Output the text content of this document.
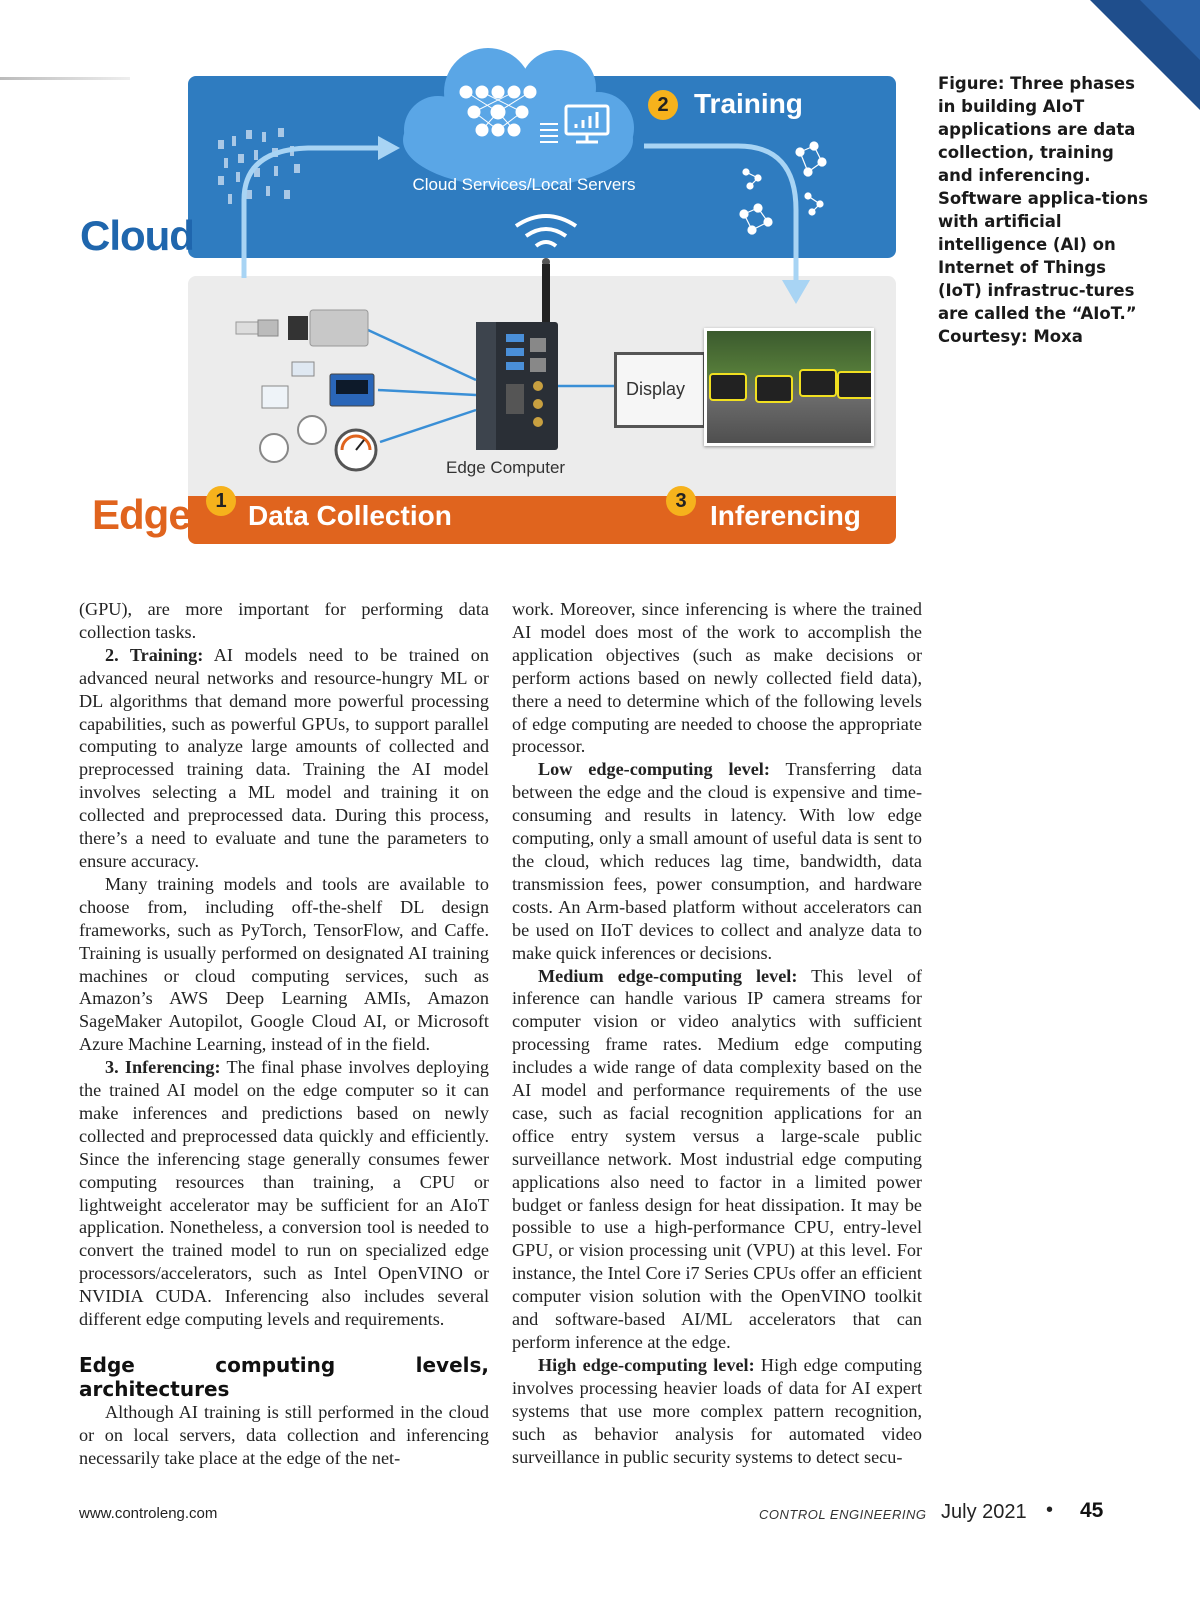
Cloud
Edge
Cloud Services/Local Servers
Edge Computer
Display
1 Data Collection
2 Training
3 Inferencing
Figure: Three phases in building AIoT applications are data collection, training and inferencing. Software applica-tions with artificial intelligence (AI) on Internet of Things (IoT) infrastruc-tures are called the “AIoT.” Courtesy: Moxa

(GPU), are more important for performing data collection tasks.

2. Training: AI models need to be trained on advanced neural networks and resource-hungry ML or DL algorithms that demand more powerful processing capabilities, such as powerful GPUs, to support parallel computing to analyze large amounts of collected and preprocessed training data. Training the AI model involves selecting a ML model and training it on collected and preprocessed data. During this process, there’s a need to evaluate and tune the parameters to ensure accuracy.

Many training models and tools are available to choose from, including off-the-shelf DL design frameworks, such as PyTorch, TensorFlow, and Caffe. Training is usually performed on designated AI training machines or cloud computing services, such as Amazon’s AWS Deep Learning AMIs, Amazon SageMaker Autopilot, Google Cloud AI, or Microsoft Azure Machine Learning, instead of in the field.

3. Inferencing: The final phase involves deploying the trained AI model on the edge computer so it can make inferences and predictions based on newly collected and preprocessed data quickly and efficiently. Since the inferencing stage generally consumes fewer computing resources than training, a CPU or lightweight accelerator may be sufficient for an AIoT application. Nonetheless, a conversion tool is needed to convert the trained model to run on specialized edge processors/accelerators, such as Intel OpenVINO or NVIDIA CUDA. Inferencing also includes several different edge computing levels and requirements.

Edge computing levels, architectures

Although AI training is still performed in the cloud or on local servers, data collection and inferencing necessarily take place at the edge of the net-

work. Moreover, since inferencing is where the trained AI model does most of the work to accomplish the application objectives (such as make decisions or perform actions based on newly collected field data), there a need to determine which of the following levels of edge computing are needed to choose the appropriate processor.

Low edge-computing level: Transferring data between the edge and the cloud is expensive and time- consuming and results in latency. With low edge computing, only a small amount of useful data is sent to the cloud, which reduces lag time, bandwidth, data transmission fees, power consumption, and hardware costs. An Arm-based platform without accelerators can be used on IIoT devices to collect and analyze data to make quick inferences or decisions.

Medium edge-computing level: This level of inference can handle various IP camera streams for computer vision or video analytics with sufficient processing frame rates. Medium edge computing includes a wide range of data complexity based on the AI model and performance requirements of the use case, such as facial recognition applications for an office entry system versus a large-scale public surveillance network. Most industrial edge computing applications also need to factor in a limited power budget or fanless design for heat dissipation. It may be possible to use a high-performance CPU, entry-level GPU, or vision processing unit (VPU) at this level. For instance, the Intel Core i7 Series CPUs offer an efficient computer vision solution with the OpenVINO toolkit and software-based AI/ML accelerators that can perform inference at the edge.

High edge-computing level: High edge computing involves processing heavier loads of data for AI expert systems that use more complex pattern recognition, such as behavior analysis for automated video surveillance in public security systems to detect secu-

www.controleng.com	CONTROL ENGINEERING July 2021 • 45
